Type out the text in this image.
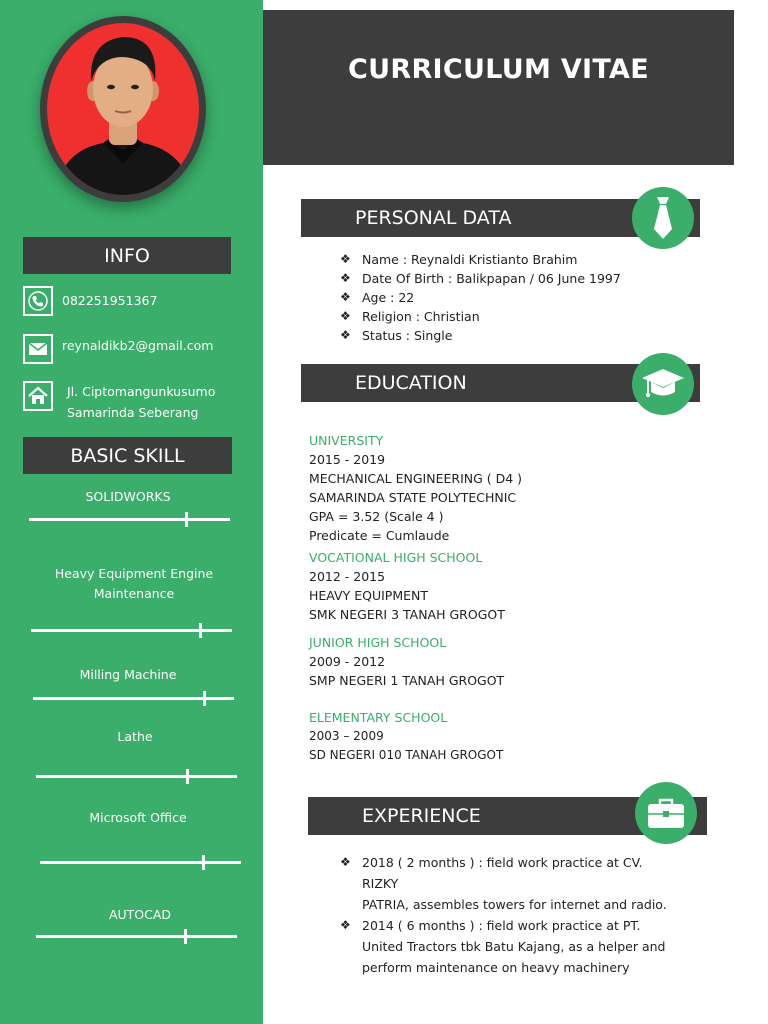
INFO
082251951367
reynaldikb2@gmail.com
Jl. Ciptomangunkusumo
Samarinda Seberang
BASIC SKILL
SOLIDWORKS
Heavy Equipment Engine
Maintenance
Milling Machine
Lathe
Microsoft Office
AUTOCAD
CURRICULUM VITAE
PERSONAL DATA
❖ Name : Reynaldi Kristianto Brahim
❖ Date Of Birth : Balikpapan / 06 June 1997
❖ Age : 22
❖ Religion : Christian
❖ Status : Single
EDUCATION
UNIVERSITY
2015 - 2019
MECHANICAL ENGINEERING ( D4 )
SAMARINDA STATE POLYTECHNIC
GPA = 3.52 (Scale 4 )
Predicate = Cumlaude
VOCATIONAL HIGH SCHOOL
2012 - 2015
HEAVY EQUIPMENT
SMK NEGERI 3 TANAH GROGOT
JUNIOR HIGH SCHOOL
2009 - 2012
SMP NEGERI 1 TANAH GROGOT
ELEMENTARY SCHOOL
2003 – 2009
SD NEGERI 010 TANAH GROGOT
EXPERIENCE
❖ 2018 ( 2 months ) : field work practice at CV. RIZKY
PATRIA, assembles towers for internet and radio.
❖ 2014 ( 6 months ) : field work practice at PT.
United Tractors tbk Batu Kajang, as a helper and
perform maintenance on heavy machinery
